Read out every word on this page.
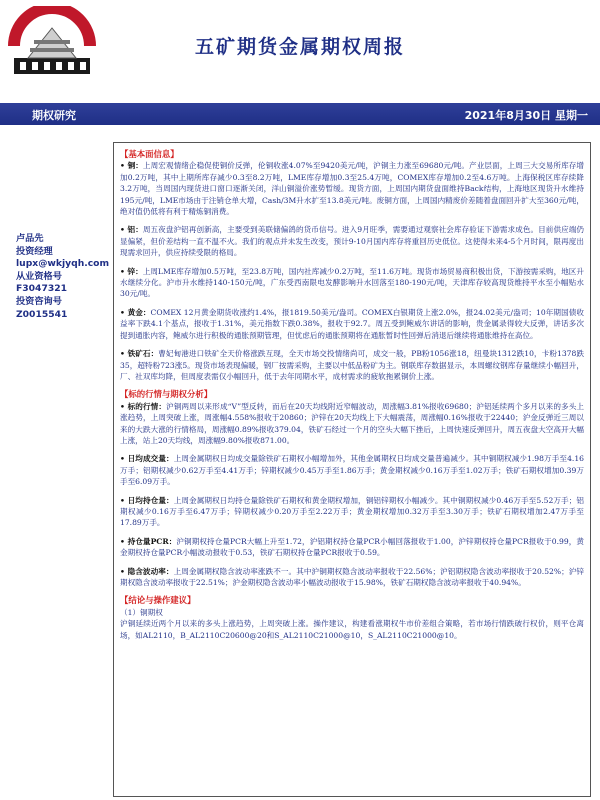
五矿期货金属期权周报
期权研究	2021年8月30日 星期一
卢品先
投资经理
lupx@wkjyqh.com
从业资格号
F3047321
投资咨询号
Z0015541
【基本面信息】

• 铜：上周宏观情绪企稳促使铜价反弹，伦铜收涨4.07%至9420美元/吨，沪铜主力涨至69680元/吨。产业层面，上周三大交易所库存增加0.2万吨，其中上期所库存减少0.3至8.2万吨，LME库存增加0.3至25.4万吨，COMEX库存增加0.2至4.6万吨。上海保税区库存续降3.2万吨，当周国内现货进口窗口逐渐关闭，洋山铜溢价涨势暂缓。现货方面，上周国内期货盘面维持Back结构，上海地区现货升水维持195元/吨，LME市场由于注销仓单大增，Cash/3M升水扩至13.8美元/吨。废铜方面，上周国内精废价差随着盘面回升扩大至360元/吨，绝对值仍低将有利于精炼铜消费。

• 铝：周五夜盘沪铝再创新高，主要受到美联储偏鸽的货币信号。进入9月旺季，需要通过观察社会库存验证下游需求成色。目前供应端仍显偏紧，但价差结构一直不温不火。我们的观点并未发生改变，预计9-10月国内库存将重回历史低位。这使得未来4-5个月时间，限再度出现需求回升，供应持续受限的格局。

• 锌：上周LME库存增加0.5万吨，至23.8万吨，国内社库减少0.2万吨，至11.6万吨。现货市场贸易商积极出货，下游按需采购，地区升水继续分化。沪市升水维持140-150元/吨，广东受西南限电发酵影响升水回落至180-190元/吨，天津库存较高现货维持平水至小幅贴水30元/吨。

• 黄金：COMEX 12月黄金期货收涨约1.4%，报1819.50美元/盎司。COMEX白银期货上涨2.0%，报24.02美元/盎司；10年期国债收益率下跌4.1个基点，报收于1.31%，美元指数下跌0.38%，报收于92.7。周五受到鲍威尔讲话的影响，贵金属录得较大反弹，讲话多次提到通胀内容，鲍威尔进行积极的通胀预期管理，但忧虑后的通胀预期将在通胀暂时性回弹后消退后继续将通胀维持在高位。

• 铁矿石：曹妃甸港进口铁矿全天价格涨跌互现，全天市场交投情绪尚可，成交一般，PB粉1056涨18，纽曼块1312跌10，卡粉1378跌35，超特粉723涨5。现货市场表现偏暖，钢厂按需采购，主要以中低品粉矿为主。钢联库存数据显示，本周螺纹钢库存量继续小幅回升，厂、社双库均降，但周度表需仅小幅回升，低于去年同期水平，成材需求的疲软拖累铜价上涨。

【标的行情与期权分析】

• 标的行情：沪铜两周以来形成“V”型反转，而后在20天均线附近窄幅波动，周涨幅3.81%报收69680；沪铝延续两个多月以来的多头上涨趋势，上周突破上涨，周涨幅4.558%报收于20860；沪锌在20天均线上下大幅震荡，周涨幅0.16%报收于22440；沪金反弹近三周以来的大跌大涨的行情格局，周涨幅0.89%报收379.04，铁矿石经过一个月的空头大幅下挫后，上周快速反弹回升，周五夜盘大空高开大幅上涨，站上20天均线，周涨幅9.80%报收871.00。

• 日均成交量：上周金属期权日均成交量除铁矿石期权小幅增加外，其他金属期权日均成交量普遍减少。其中铜期权减少1.98万手至4.16万手；铝期权减少0.62万手至4.41万手；锌期权减少0.45万手至1.86万手；黄金期权减少0.16万手至1.02万手；铁矿石期权增加0.39万手至6.09万手。

• 日均持仓量：上周金属期权日均持仓量除铁矿石期权和黄金期权增加，铜铝锌期权小幅减少。其中铜期权减少0.46万手至5.52万手；铝期权减少0.16万手至6.47万手；锌期权减少0.20万手至2.22万手；黄金期权增加0.32万手至3.30万手；铁矿石期权增加2.47万手至17.89万手。

• 持仓量PCR：沪铜期权持仓量PCR大幅上升至1.72，沪铝期权持仓量PCR小幅回落报收于1.00，沪锌期权持仓量PCR报收于0.99，黄金期权持仓量PCR小幅波动报收于0.53，铁矿石期权持仓量PCR报收于0.59。

• 隐含波动率：上周金属期权隐含波动率涨跌不一。其中沪铜期权隐含波动率报收于22.56%；沪铝期权隐含波动率报收于20.52%；沪锌期权隐含波动率报收于22.51%；沪金期权隐含波动率小幅波动报收于15.98%，铁矿石期权隐含波动率报收于40.94%。

【结论与操作建议】

（1）铜期权

沪铜延续近两个月以来的多头上涨趋势，上周突破上涨。操作建议，构建看涨期权牛市价差组合策略，若市场行情跌破行权价，则平仓离场，如AL2110，B_AL2110C20600@20和S_AL2110C21000@10，S_AL2110C21000@10。
